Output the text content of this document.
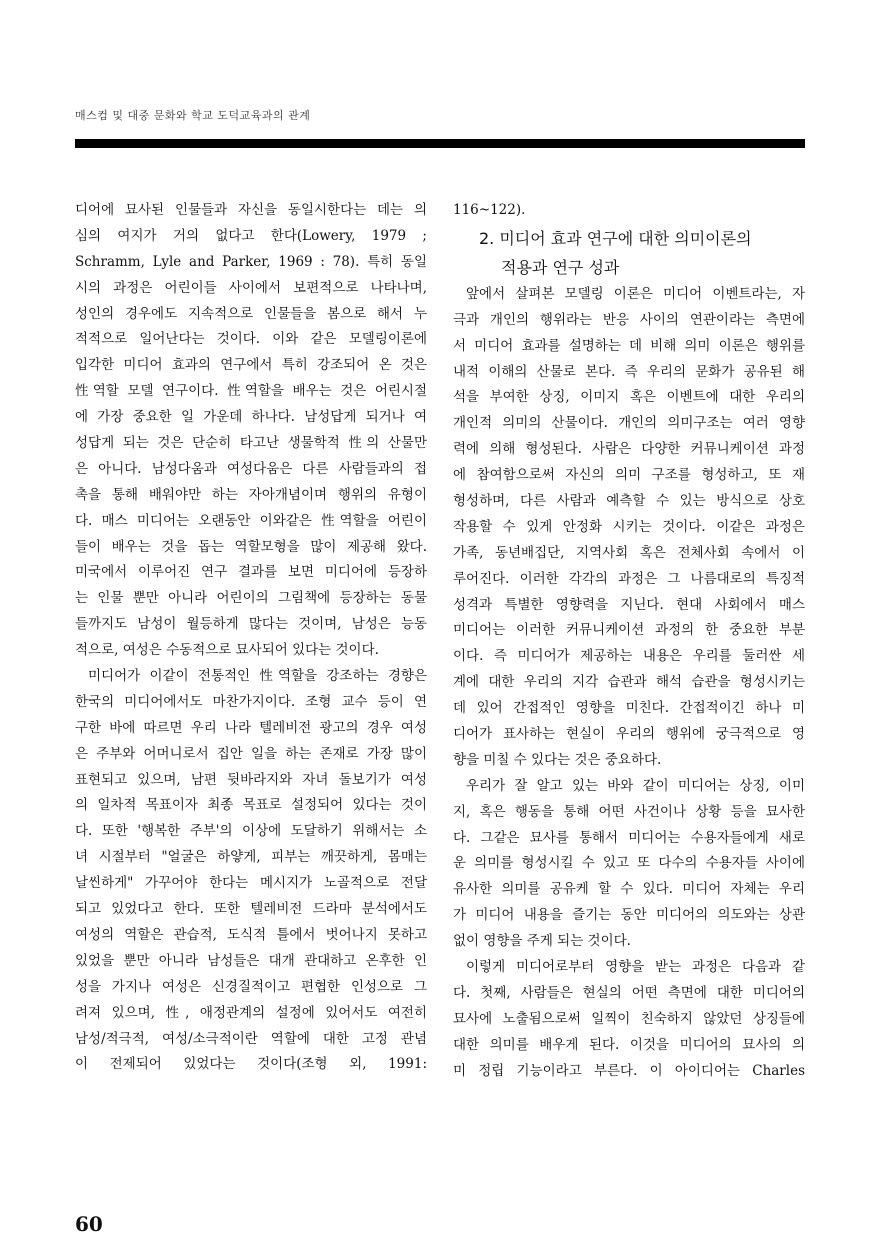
매스컴 및 대중 문화와 학교 도덕교육과의 관계
디어에 묘사된 인물들과 자신을 동일시한다는 데는 의
심의 여지가 거의 없다고 한다(Lowery, 1979 ;
Schramm, Lyle and Parker, 1969 : 78). 특히 동일
시의 과정은 어린이들 사이에서 보편적으로 나타나며,
성인의 경우에도 지속적으로 인물들을 봄으로 해서 누
적적으로 일어난다는 것이다. 이와 같은 모델링이론에
입각한 미디어 효과의 연구에서 특히 강조되어 온 것은
性역할 모델 연구이다. 性역할을 배우는 것은 어린시절
에 가장 중요한 일 가운데 하나다. 남성답게 되거나 여
성답게 되는 것은 단순히 타고난 생물학적 性의 산물만
은 아니다. 남성다움과 여성다움은 다른 사람들과의 접
촉을 통해 배워야만 하는 자아개념이며 행위의 유형이
다. 매스 미디어는 오랜동안 이와같은 性역할을 어린이
들이 배우는 것을 돕는 역할모형을 많이 제공해 왔다.
미국에서 이루어진 연구 결과를 보면 미디어에 등장하
는 인물 뿐만 아니라 어린이의 그림책에 등장하는 동물
들까지도 남성이 월등하게 많다는 것이며, 남성은 능동
적으로, 여성은 수동적으로 묘사되어 있다는 것이다.
미디어가 이같이 전통적인 性역할을 강조하는 경향은
한국의 미디어에서도 마찬가지이다. 조형 교수 등이 연
구한 바에 따르면 우리 나라 텔레비전 광고의 경우 여성
은 주부와 어머니로서 집안 일을 하는 존재로 가장 많이
표현되고 있으며, 남편 뒷바라지와 자녀 돌보기가 여성
의 일차적 목표이자 최종 목표로 설정되어 있다는 것이
다. 또한 '행복한 주부'의 이상에 도달하기 위해서는 소
녀 시절부터 "얼굴은 하얗게, 피부는 깨끗하게, 몸매는
날씬하게" 가꾸어야 한다는 메시지가 노골적으로 전달
되고 있었다고 한다. 또한 텔레비전 드라마 분석에서도
여성의 역할은 관습적, 도식적 틀에서 벗어나지 못하고
있었을 뿐만 아니라 남성들은 대개 관대하고 온후한 인
성을 가지나 여성은 신경질적이고 편협한 인성으로 그
려져 있으며, 性, 애정관계의 설정에 있어서도 여전히
남성/적극적, 여성/소극적이란 역할에 대한 고정 관념
이 전제되어 있었다는 것이다(조형 외, 1991:
116~122).
2. 미디어 효과 연구에 대한 의미이론의
적용과 연구 성과
앞에서 살펴본 모델링 이론은 미디어 이벤트라는, 자
극과 개인의 행위라는 반응 사이의 연관이라는 측면에
서 미디어 효과를 설명하는 데 비해 의미 이론은 행위를
내적 이해의 산물로 본다. 즉 우리의 문화가 공유된 해
석을 부여한 상징, 이미지 혹은 이벤트에 대한 우리의
개인적 의미의 산물이다. 개인의 의미구조는 여러 영향
력에 의해 형성된다. 사람은 다양한 커뮤니케이션 과정
에 참여함으로써 자신의 의미 구조를 형성하고, 또 재
형성하며, 다른 사람과 예측할 수 있는 방식으로 상호
작용할 수 있게 안정화 시키는 것이다. 이같은 과정은
가족, 동년배집단, 지역사회 혹은 전체사회 속에서 이
루어진다. 이러한 각각의 과정은 그 나름대로의 특징적
성격과 특별한 영향력을 지닌다. 현대 사회에서 매스
미디어는 이러한 커뮤니케이션 과정의 한 중요한 부분
이다. 즉 미디어가 제공하는 내용은 우리를 둘러싼 세
계에 대한 우리의 지각 습관과 해석 습관을 형성시키는
데 있어 간접적인 영향을 미친다. 간접적이긴 하나 미
디어가 표사하는 현실이 우리의 행위에 궁극적으로 영
향을 미칠 수 있다는 것은 중요하다.
우리가 잘 알고 있는 바와 같이 미디어는 상징, 이미
지, 혹은 행동을 통해 어떤 사건이나 상황 등을 묘사한
다. 그같은 묘사를 통해서 미디어는 수용자들에게 새로
운 의미를 형성시킬 수 있고 또 다수의 수용자들 사이에
유사한 의미를 공유케 할 수 있다. 미디어 자체는 우리
가 미디어 내용을 즐기는 동안 미디어의 의도와는 상관
없이 영향을 주게 되는 것이다.
이렇게 미디어로부터 영향을 받는 과정은 다음과 같
다. 첫째, 사람들은 현실의 어떤 측면에 대한 미디어의
묘사에 노출됨으로써 일찍이 친숙하지 않았던 상징들에
대한 의미를 배우게 된다. 이것을 미디어의 묘사의 의
미 정립 기능이라고 부른다. 이 아이디어는 Charles
60
